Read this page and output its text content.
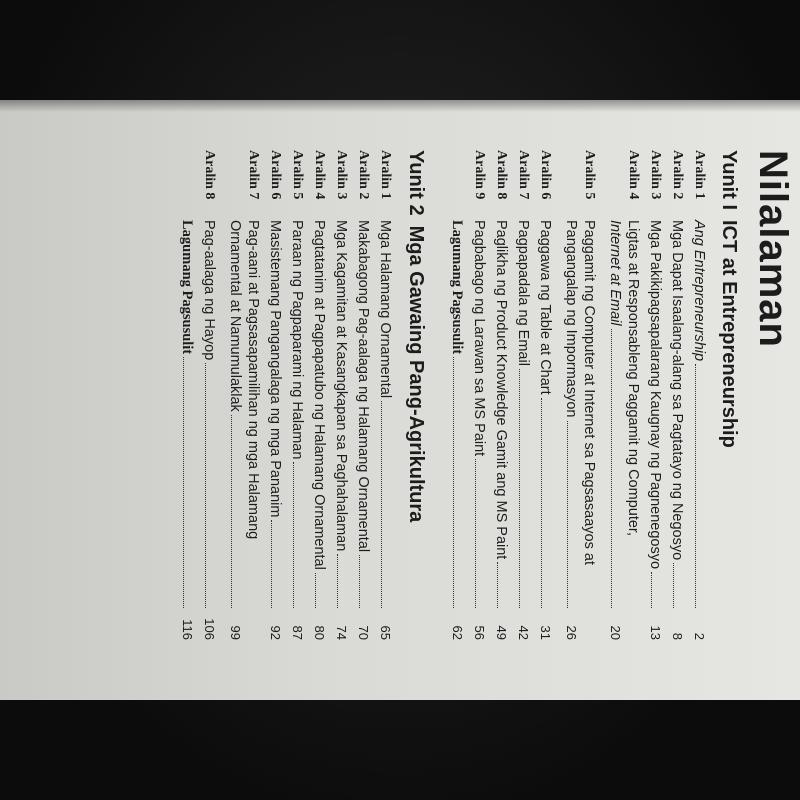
Nilalaman
Yunit IICT at Entrepreneurship
Aralin 1
Ang Entrepreneurship
2
Aralin 2
Mga Dapat Isaalang-alang sa Pagtatayo ng Negosyo
8
Aralin 3
Mga Pakikipagsapalarang Kaugnay ng Pagnenegosyo
13
Aralin 4
Ligtas at Responsableng Paggamit ng Computer,
Internet at Email
20
Aralin 5
Paggamit ng Computer at Internet sa Pagsasaayos at
Pangangalap ng Impormasyon
26
Aralin 6
Paggawa ng Table at Chart
31
Aralin 7
Pagpapadala ng Email
42
Aralin 8
Paglikha ng Product Knowledge Gamit ang MS Paint
49
Aralin 9
Pagbabago ng Larawan sa MS Paint
56
Lagumang Pagsusulit
62
Yunit 2Mga Gawaing Pang-Agrikultura
Aralin 1
Mga Halamang Ornamental
65
Aralin 2
Makabagong Pag-aalaga ng Halamang Ornamental
70
Aralin 3
Mga Kagamitan at Kasangkapan sa Paghahalaman
74
Aralin 4
Pagtatanim at Pagpapatubo ng Halamang Ornamental
80
Aralin 5
Paraan ng Pagpaparami ng Halaman
87
Aralin 6
Masistemang Pangangalaga ng mga Pananim
92
Aralin 7
Pag-aani at Pagsasapamilihan ng mga Halamang
Ornamental at Namumulaklak
99
Aralin 8
Pag-aalaga ng Hayop
106
Lagumang Pagsusulit
116
